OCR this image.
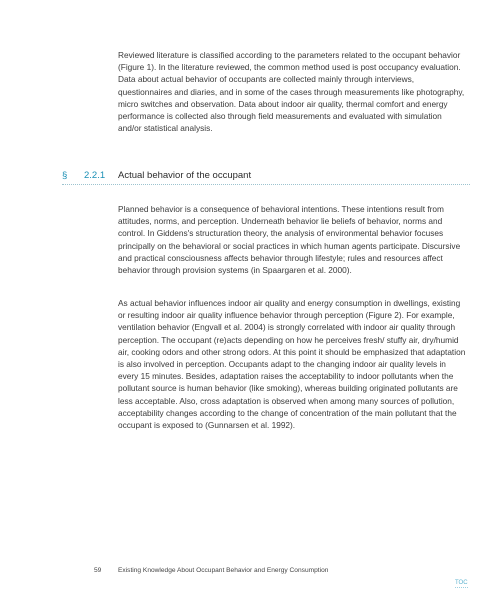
Reviewed literature is classified according to the parameters related to the occupant behavior (Figure 1). In the literature reviewed, the common method used is post occupancy evaluation. Data about actual behavior of occupants are collected mainly through interviews, questionnaires and diaries, and in some of the cases through measurements like photography, micro switches and observation. Data about indoor air quality, thermal comfort and energy performance is collected also through field measurements and evaluated with simulation and/or statistical analysis.

§ 2.2.1 Actual behavior of the occupant

Planned behavior is a consequence of behavioral intentions. These intentions result from attitudes, norms, and perception. Underneath behavior lie beliefs of behavior, norms and control. In Giddens's structuration theory, the analysis of environmental behavior focuses principally on the behavioral or social practices in which human agents participate. Discursive and practical consciousness affects behavior through lifestyle; rules and resources affect behavior through provision systems (in Spaargaren et al. 2000).

As actual behavior influences indoor air quality and energy consumption in dwellings, existing or resulting indoor air quality influence behavior through perception (Figure 2). For example, ventilation behavior (Engvall et al. 2004) is strongly correlated with indoor air quality through perception. The occupant (re)acts depending on how he perceives fresh/ stuffy air, dry/humid air, cooking odors and other strong odors. At this point it should be emphasized that adaptation is also involved in perception. Occupants adapt to the changing indoor air quality levels in every 15 minutes. Besides, adaptation raises the acceptability to indoor pollutants when the pollutant source is human behavior (like smoking), whereas building originated pollutants are less acceptable. Also, cross adaptation is observed when among many sources of pollution, acceptability changes according to the change of concentration of the main pollutant that the occupant is exposed to (Gunnarsen et al. 1992).

59	Existing Knowledge About Occupant Behavior and Energy Consumption
TOC
